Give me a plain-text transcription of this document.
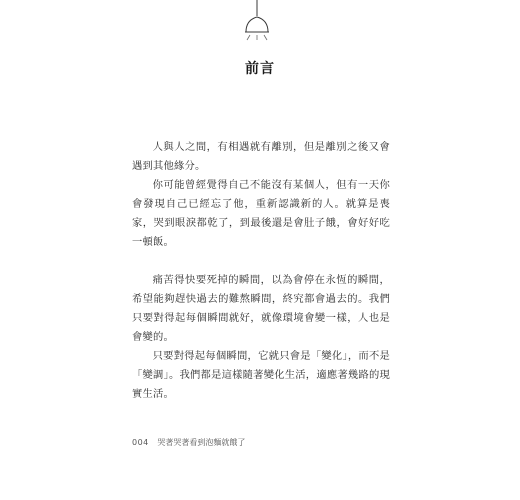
前言

人與人之間，有相遇就有離別，但是離別之後又會遇到其他緣分。

你可能曾經覺得自己不能沒有某個人，但有一天你會發現自己已經忘了他，重新認識新的人。就算是喪家，哭到眼淚都乾了，到最後還是會肚子餓，會好好吃一頓飯。

痛苦得快要死掉的瞬間，以為會停在永恆的瞬間，希望能夠趕快過去的難熬瞬間，終究都會過去的。我們只要對得起每個瞬間就好，就像環境會變一樣，人也是會變的。

只要對得起每個瞬間，它就只會是「變化」，而不是「變調」。我們都是這樣隨著變化生活，適應著幾路的現實生活。

004 哭著哭著看到泡麵就餓了
